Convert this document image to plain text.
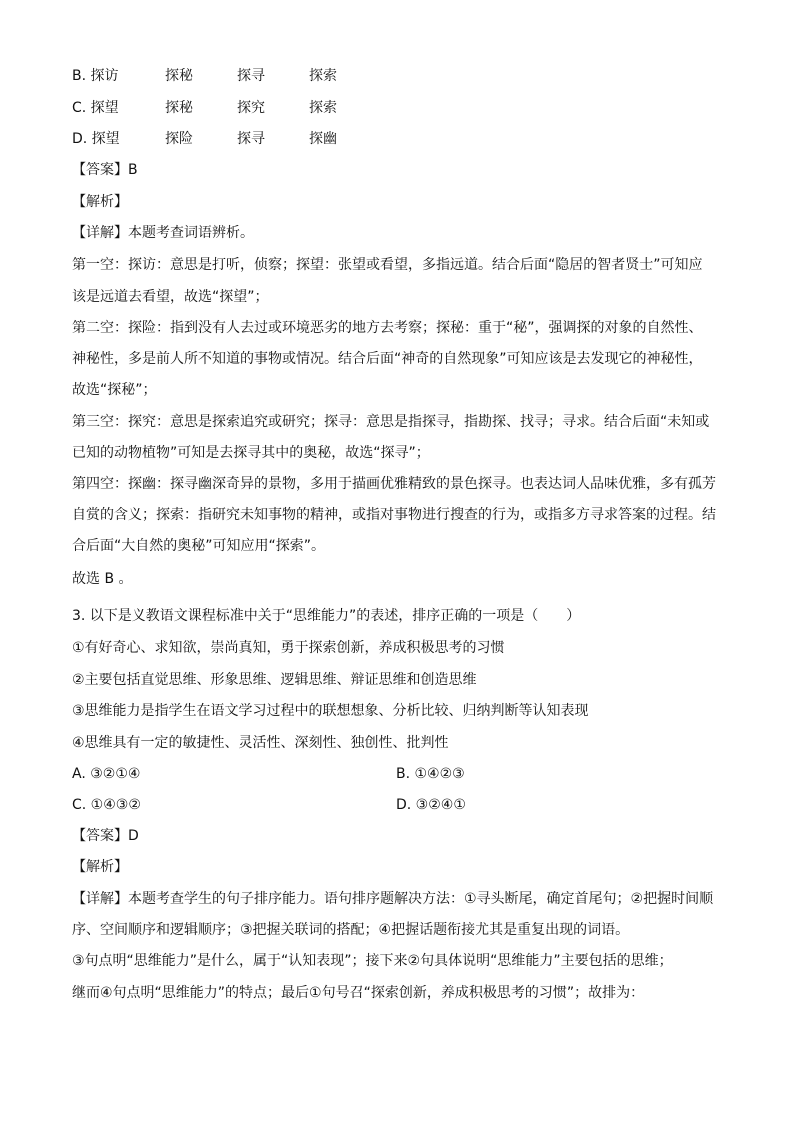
B. 探访	探秘	探寻	探索
C. 探望	探秘	探究	探索
D. 探望	探险	探寻	探幽
【答案】B
【解析】
【详解】本题考查词语辨析。
第一空：探访：意思是打听，侦察；探望：张望或看望，多指远道。结合后面“隐居的智者贤士”可知应
该是远道去看望，故选“探望”；
第二空：探险：指到没有人去过或环境恶劣的地方去考察；探秘：重于“秘”，强调探的对象的自然性、
神秘性，多是前人所不知道的事物或情况。结合后面“神奇的自然现象”可知应该是去发现它的神秘性，
故选“探秘”；
第三空：探究：意思是探索追究或研究；探寻：意思是指探寻，指勘探、找寻；寻求。结合后面“未知或
已知的动物植物”可知是去探寻其中的奥秘，故选“探寻”；
第四空：探幽：探寻幽深奇异的景物，多用于描画优雅精致的景色探寻。也表达词人品味优雅，多有孤芳
自赏的含义；探索：指研究未知事物的精神，或指对事物进行搜查的行为，或指多方寻求答案的过程。结
合后面“大自然的奥秘”可知应用“探索”。
故选 B 。
3. 以下是义教语文课程标准中关于“思维能力”的表述，排序正确的一项是（　　）
①有好奇心、求知欲，崇尚真知，勇于探索创新，养成积极思考的习惯
②主要包括直觉思维、形象思维、逻辑思维、辩证思维和创造思维
③思维能力是指学生在语文学习过程中的联想想象、分析比较、归纳判断等认知表现
④思维具有一定的敏捷性、灵活性、深刻性、独创性、批判性
A. ③②①④	B. ①④②③
C. ①④③②	D. ③②④①
【答案】D
【解析】
【详解】本题考查学生的句子排序能力。语句排序题解决方法：①寻头断尾，确定首尾句；②把握时间顺
序、空间顺序和逻辑顺序；③把握关联词的搭配；④把握话题衔接尤其是重复出现的词语。
③句点明“思维能力”是什么，属于“认知表现”；接下来②句具体说明“思维能力”主要包括的思维；
继而④句点明“思维能力”的特点；最后①句号召“探索创新，养成积极思考的习惯”；故排为：
